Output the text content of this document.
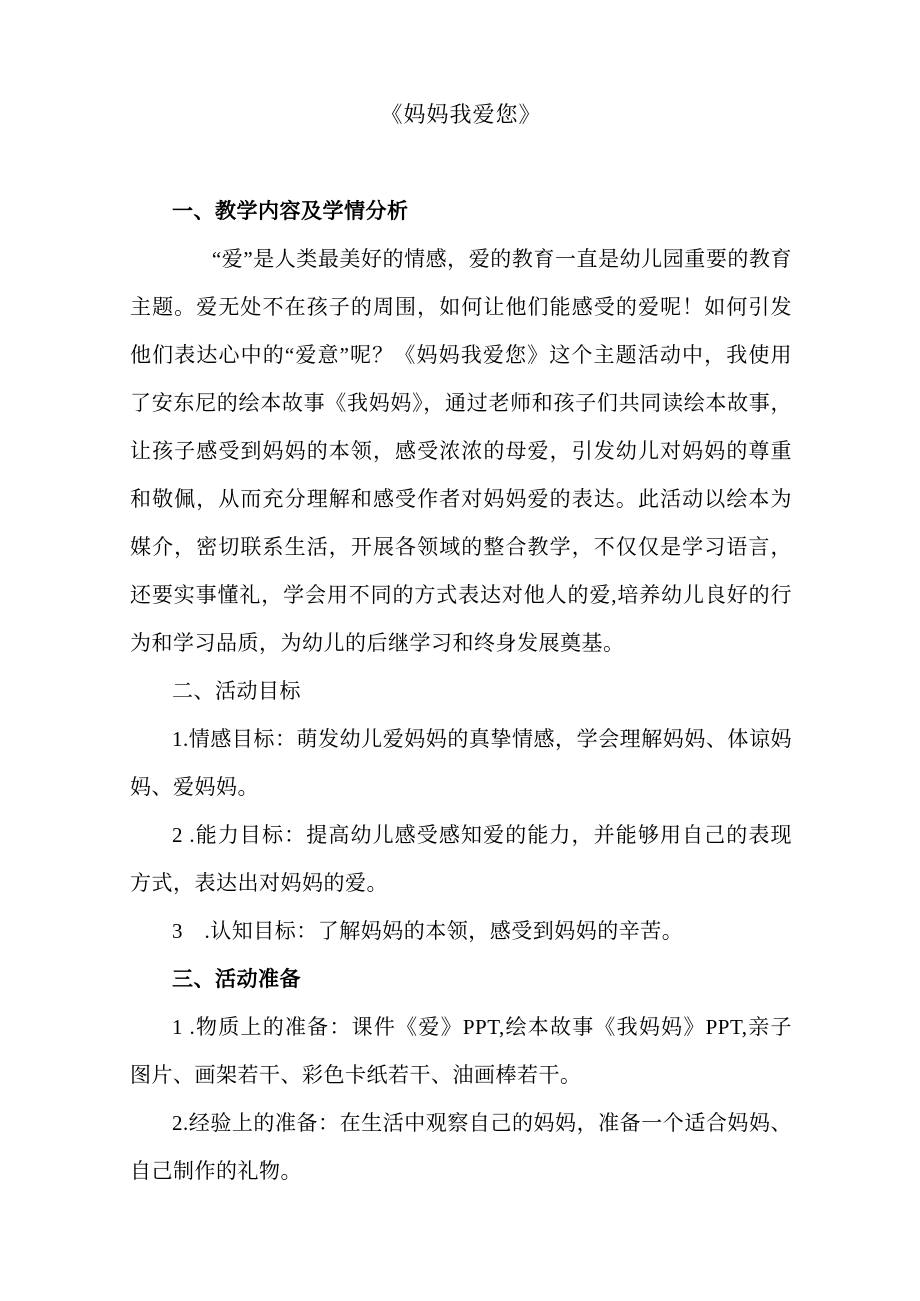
《妈妈我爱您》

一、教学内容及学情分析

“爱”是人类最美好的情感，爱的教育一直是幼儿园重要的教育主题。爱无处不在孩子的周围，如何让他们能感受的爱呢！如何引发他们表达心中的“爱意”呢？《妈妈我爱您》这个主题活动中，我使用了安东尼的绘本故事《我妈妈》，通过老师和孩子们共同读绘本故事，让孩子感受到妈妈的本领，感受浓浓的母爱，引发幼儿对妈妈的尊重和敬佩，从而充分理解和感受作者对妈妈爱的表达。此活动以绘本为媒介，密切联系生活，开展各领域的整合教学，不仅仅是学习语言，还要实事懂礼，学会用不同的方式表达对他人的爱,培养幼儿良好的行为和学习品质，为幼儿的后继学习和终身发展奠基。

二、活动目标

1.情感目标：萌发幼儿爱妈妈的真挚情感，学会理解妈妈、体谅妈妈、爱妈妈。

2 .能力目标：提高幼儿感受感知爱的能力，并能够用自己的表现方式，表达出对妈妈的爱。

3　.认知目标：了解妈妈的本领，感受到妈妈的辛苦。

三、活动准备

1 .物质上的准备：课件《爱》PPT,绘本故事《我妈妈》PPT,亲子图片、画架若干、彩色卡纸若干、油画棒若干。

2.经验上的准备：在生活中观察自己的妈妈，准备一个适合妈妈、自己制作的礼物。
